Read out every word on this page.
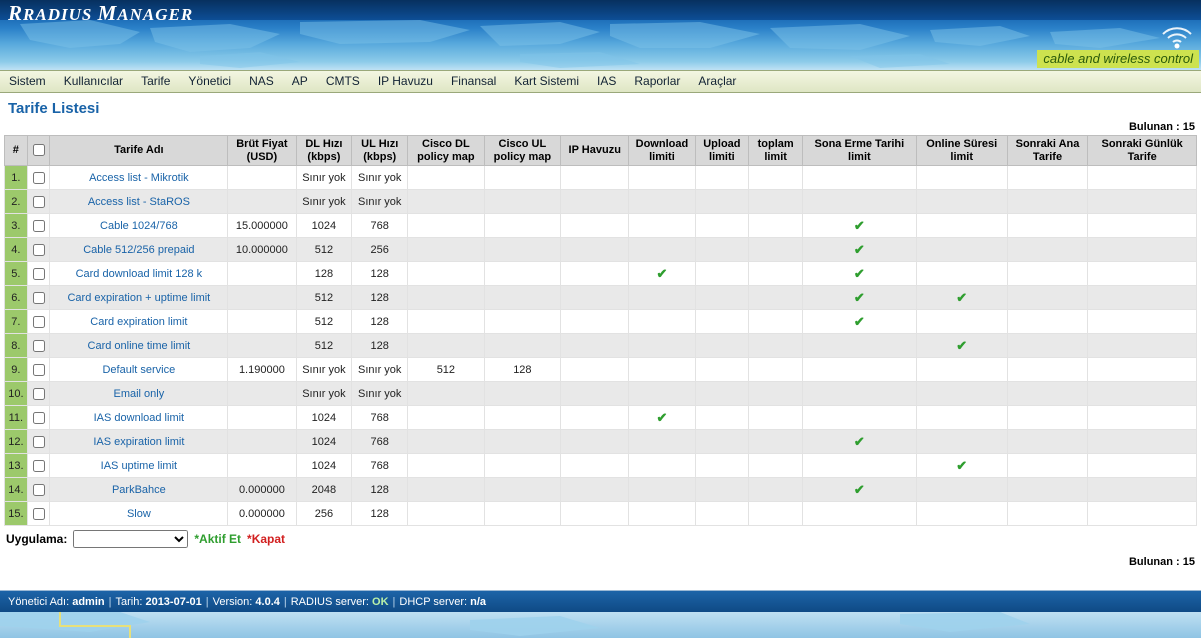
RRADIUS MANAGER
cable and wireless control
Sistem	Kullanıcılar	Tarife	Yönetici	NAS	AP	CMTS	IP Havuzu	Finansal	Kart Sistemi	IAS	Raporlar	Araçlar
Tarife Listesi
Bulunan : 15
#		Tarife Adı	Brüt Fiyat (USD)	DL Hızı (kbps)	UL Hızı (kbps)	Cisco DL policy map	Cisco UL policy map	IP Havuzu	Download limiti	Upload limiti	toplam limit	Sona Erme Tarihi limit	Online Süresi limit	Sonraki Ana Tarife	Sonraki Günlük Tarife
1.		Access list - Mikrotik		Sınır yok	Sınır yok										
2.		Access list - StaROS		Sınır yok	Sınır yok										
3.		Cable 1024/768	15.000000	1024	768							✔			
4.		Cable 512/256 prepaid	10.000000	512	256							✔			
5.		Card download limit 128 k		128	128				✔			✔			
6.		Card expiration + uptime limit		512	128							✔	✔		
7.		Card expiration limit		512	128							✔			
8.		Card online time limit		512	128								✔		
9.		Default service	1.190000	Sınır yok	Sınır yok	512	128								
10.		Email only		Sınır yok	Sınır yok										
11.		IAS download limit		1024	768				✔						
12.		IAS expiration limit		1024	768							✔			
13.		IAS uptime limit		1024	768								✔		
14.		ParkBahce	0.000000	2048	128							✔			
15.		Slow	0.000000	256	128										
Uygulama:	*Aktif Et *Kapat
Bulunan : 15
Yönetici Adı:
admin | Tarih:
2013-07-01 | Version:
4.0.4 | RADIUS server:
OK | DHCP server:
n/a
